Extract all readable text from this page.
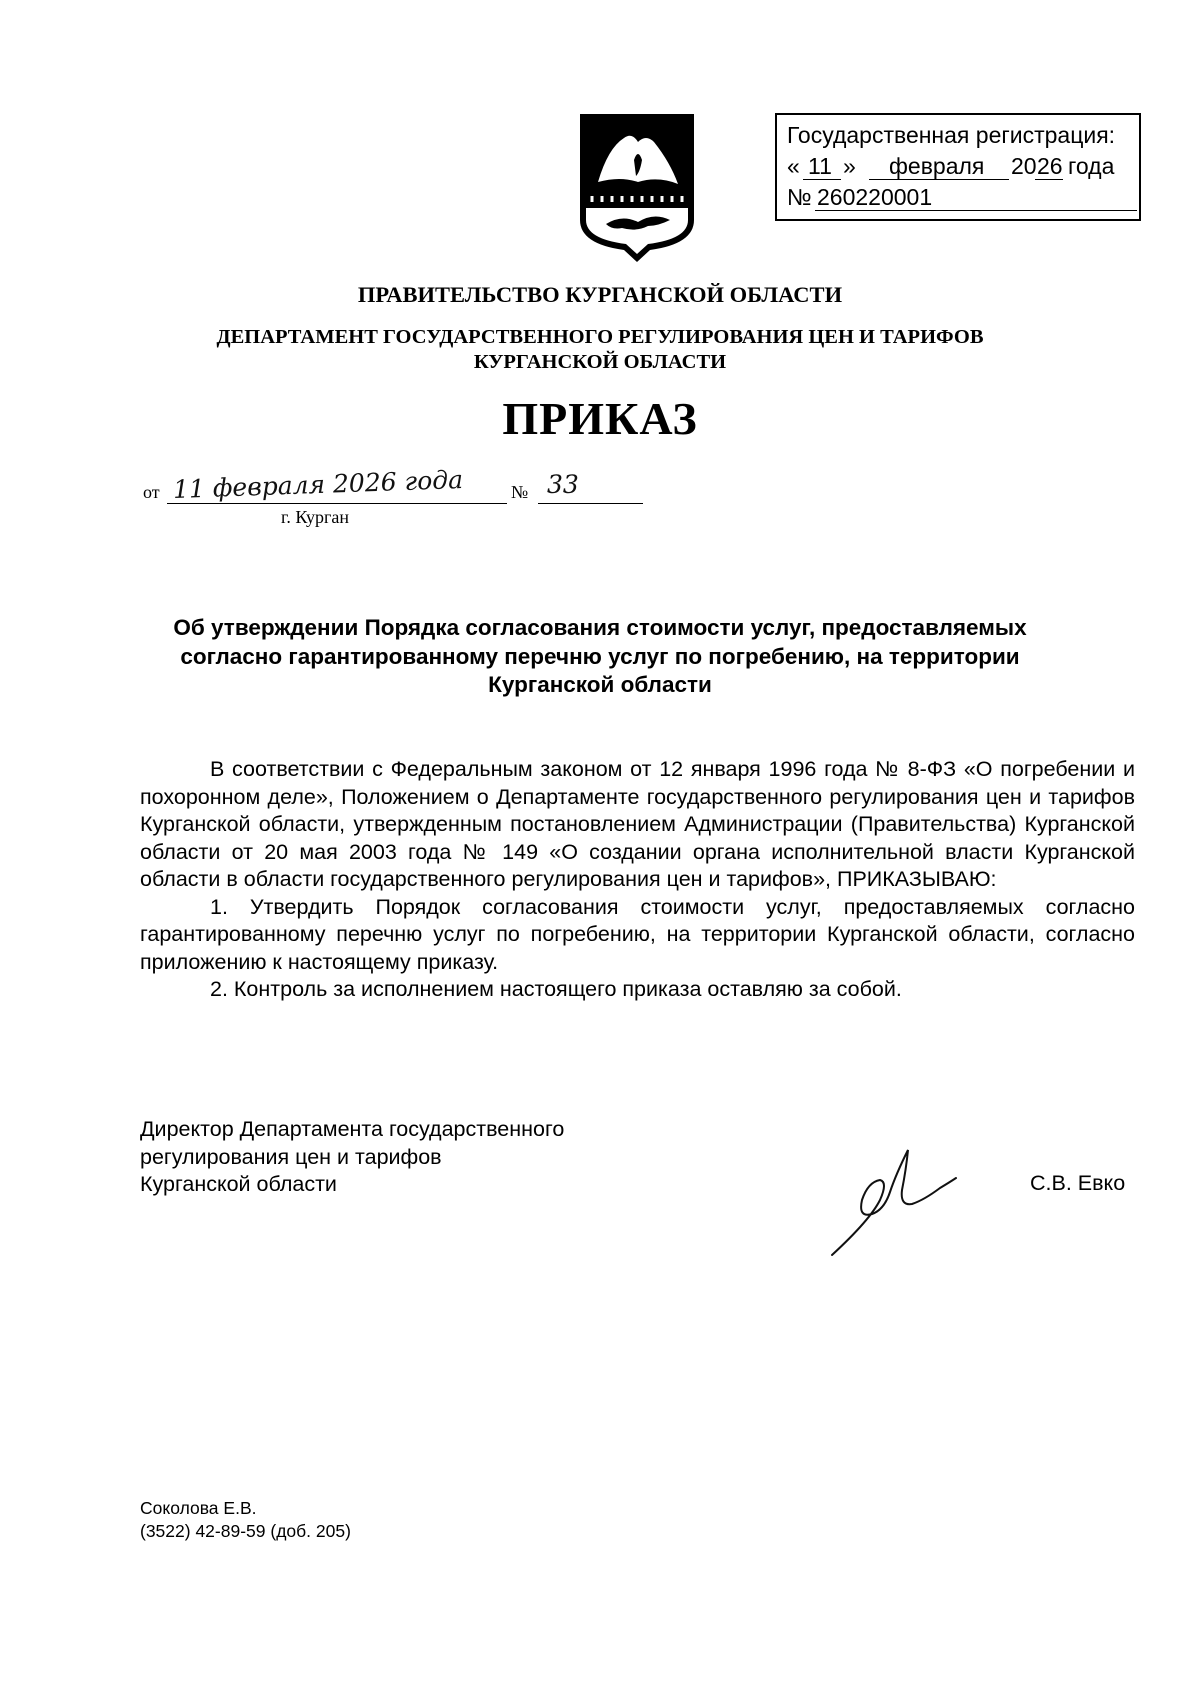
Государственная регистрация:
« 11 » февраля 20 26 года
№ 260220001
ПРАВИТЕЛЬСТВО КУРГАНСКОЙ ОБЛАСТИ
ДЕПАРТАМЕНТ ГОСУДАРСТВЕННОГО РЕГУЛИРОВАНИЯ ЦЕН И ТАРИФОВ
КУРГАНСКОЙ ОБЛАСТИ
ПРИКАЗ
от 11 февраля 2026 года	№ 33
г. Курган
Об утверждении Порядка согласования стоимости услуг, предоставляемых согласно гарантированному перечню услуг по погребению, на территории Курганской области

В соответствии с Федеральным законом от 12 января 1996 года № 8-ФЗ «О погребении и похоронном деле», Положением о Департаменте государственного регулирования цен и тарифов Курганской области, утвержденным постановлением Администрации (Правительства) Курганской области от 20 мая 2003 года № 149 «О создании органа исполнительной власти Курганской области в области государственного регулирования цен и тарифов», ПРИКАЗЫВАЮ:

1. Утвердить Порядок согласования стоимости услуг, предоставляемых согласно гарантированному перечню услуг по погребению, на территории Курганской области, согласно приложению к настоящему приказу.

2. Контроль за исполнением настоящего приказа оставляю за собой.

Директор Департамента государственного
регулирования цен и тарифов
Курганской области	С.В. Евко
Соколова Е.В.
(3522) 42-89-59 (доб. 205)
